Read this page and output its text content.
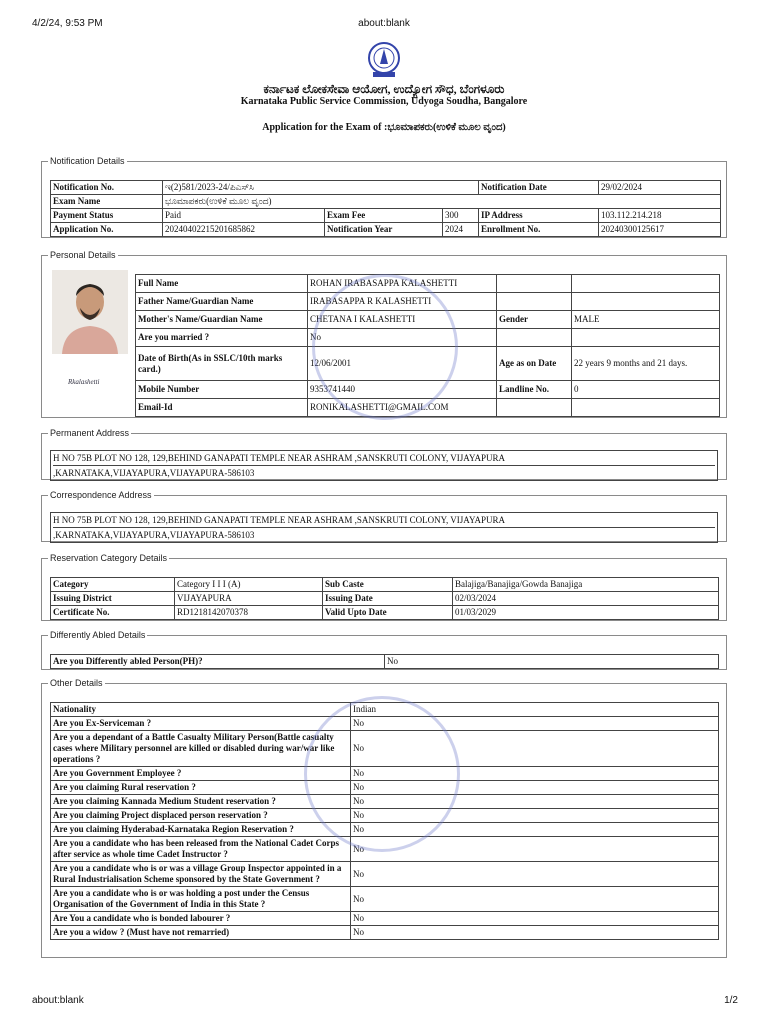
4/2/24, 9:53 PM	about:blank
ಕರ್ನಾಟಕ ಲೋಕಸೇವಾ ಆಯೋಗ, ಉದ್ಯೋಗ ಸೌಧ, ಬೆಂಗಳೂರು
Karnataka Public Service Commission, Udyoga Soudha, Bangalore
Application for the Exam of :ಭೂಮಾಪಕರು(ಉಳಿಕೆ ಮೂಲ ವೃಂದ)
Notification Details
Notification No.	ಇ(2)581/2023-24/ಪಿಎಸ್‌ಸಿ			Notification Date	29/02/2024
Exam Name	ಭೂಮಾಪಕರು(ಉಳಿಕೆ ಮೂಲ ವೃಂದ)				
Payment Status	Paid	Exam Fee	300	IP Address	103.112.214.218
Application No.	20240402215201685862	Notification Year	2024	Enrollment No.	20240300125617
Personal Details
Rkalashetti
Full Name	ROHAN IRABASAPPA KALASHETTI		
Father Name/Guardian Name	IRABASAPPA R KALASHETTI		
Mother's Name/Guardian Name	CHETANA I KALASHETTI	Gender	MALE
Are you married ?	No		
Date of Birth(As in SSLC/10th marks card.)	12/06/2001	Age as on Date	22 years 9 months and 21 days.
Mobile Number	9353741440	Landline No.	0
Email-Id	RONIKALASHETTI@GMAIL.COM		
Permanent Address
H NO 75B PLOT NO 128, 129,BEHIND GANAPATI TEMPLE NEAR ASHRAM ,SANSKRUTI COLONY, VIJAYAPURA
,KARNATAKA,VIJAYAPURA,VIJAYAPURA-586103
Correspondence Address
H NO 75B PLOT NO 128, 129,BEHIND GANAPATI TEMPLE NEAR ASHRAM ,SANSKRUTI COLONY, VIJAYAPURA
,KARNATAKA,VIJAYAPURA,VIJAYAPURA-586103
Reservation Category Details
Category	Category I I I (A)	Sub Caste	Balajiga/Banajiga/Gowda Banajiga
Issuing District	VIJAYAPURA	Issuing Date	02/03/2024
Certificate No.	RD1218142070378	Valid Upto Date	01/03/2029
Differently Abled Details
Are you Differently abled Person(PH)?	No
Other Details
Nationality	Indian
Are you Ex-Serviceman ?	No
Are you a dependant of a Battle Casualty Military Person(Battle casualty cases where Military personnel are killed or disabled during war/war like operations ?	No
Are you Government Employee ?	No
Are you claiming Rural reservation ?	No
Are you claiming Kannada Medium Student reservation ?	No
Are you claiming Project displaced person reservation ?	No
Are you claiming Hyderabad-Karnataka Region Reservation ?	No
Are you a candidate who has been released from the National Cadet Corps after service as whole time Cadet Instructor ?	No
Are you a candidate who is or was a village Group Inspector appointed in a Rural Industrialisation Scheme sponsored by the State Government ?	No
Are you a candidate who is or was holding a post under the Census Organisation of the Government of India in this State ?	No
Are You a candidate who is bonded labourer ?	No
Are you a widow ? (Must have not remarried)	No
about:blank	1/2
